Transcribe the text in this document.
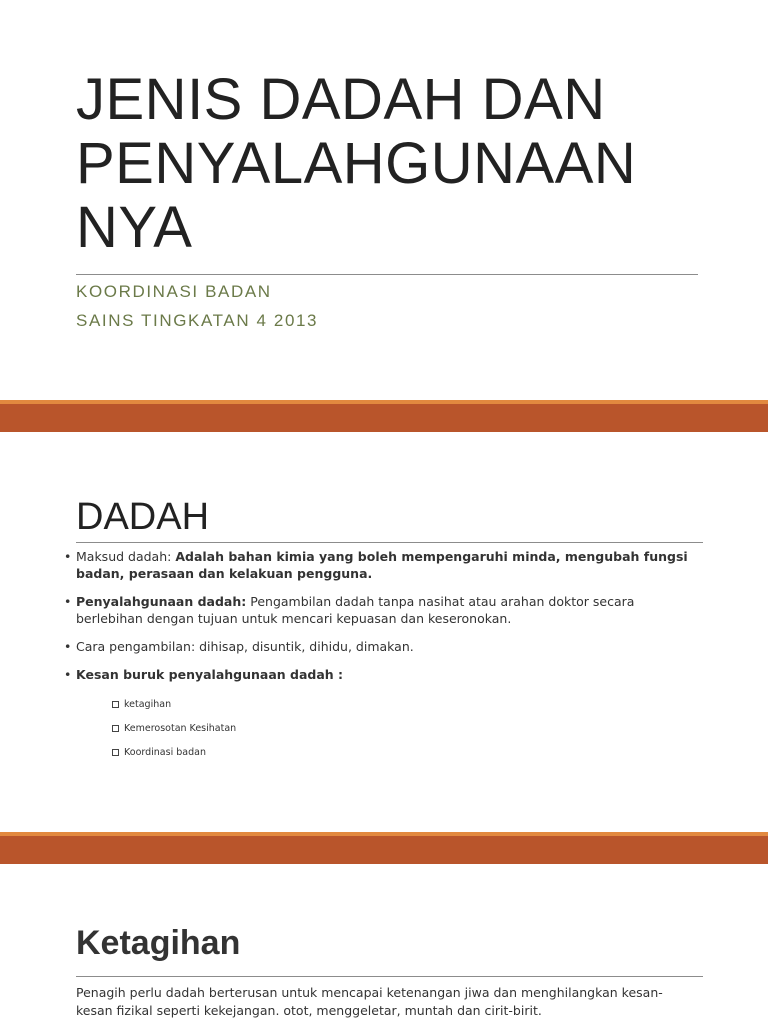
JENIS DADAH DAN
PENYALAHGUNAAN
NYA
KOORDINASI BADAN
SAINS TINGKATAN 4 2013
DADAH
• Maksud dadah: Adalah bahan kimia yang boleh mempengaruhi minda, mengubah fungsi badan, perasaan dan kelakuan pengguna.
• Penyalahgunaan dadah: Pengambilan dadah tanpa nasihat atau arahan doktor secara berlebihan dengan tujuan untuk mencari kepuasan dan keseronokan.
• Cara pengambilan: dihisap, disuntik, dihidu, dimakan.
• Kesan buruk penyalahgunaan dadah :
ketagihan
Kemerosotan Kesihatan
Koordinasi badan
Ketagihan

Penagih perlu dadah berterusan untuk mencapai ketenangan jiwa dan menghilangkan kesan-kesan fizikal seperti kekejangan. otot, menggeletar, muntah dan cirit-birit.
